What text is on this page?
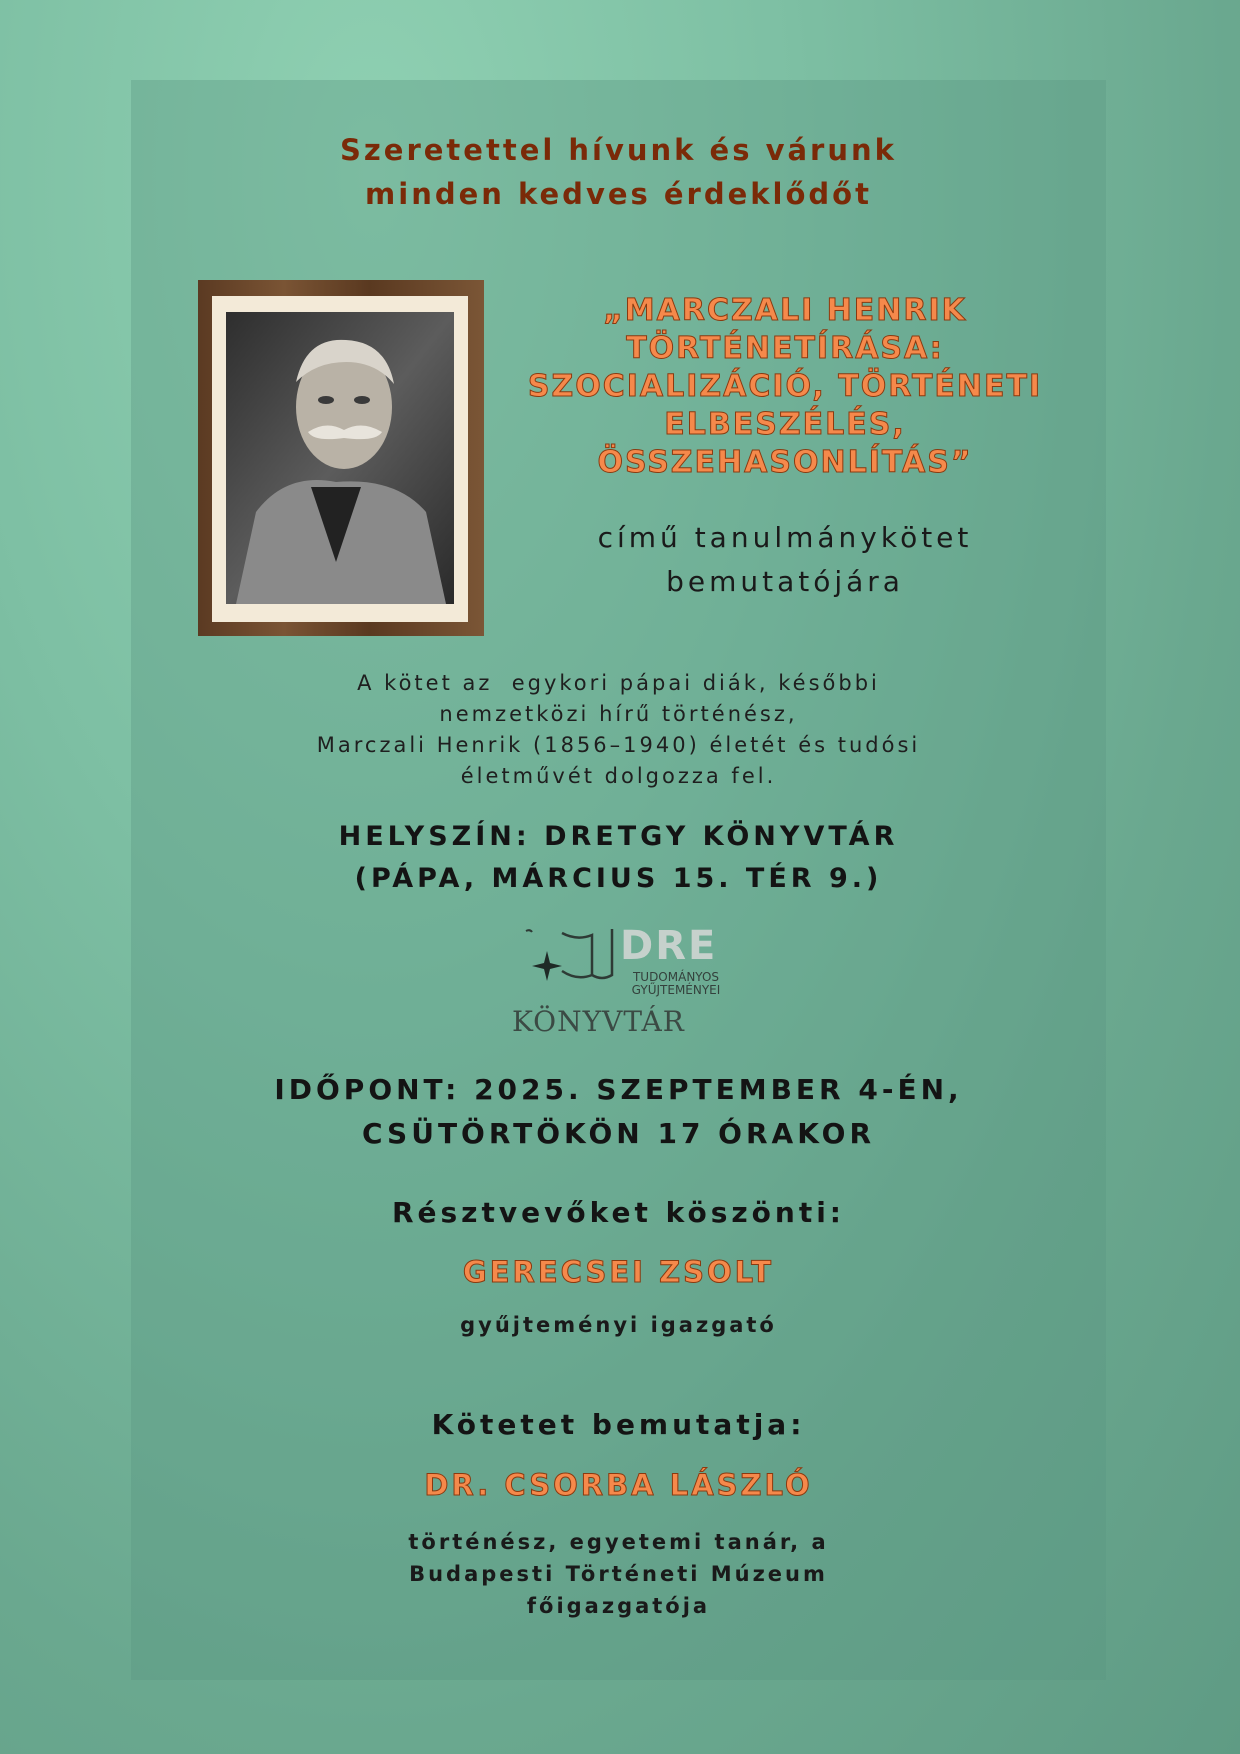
Szeretettel hívunk és várunk
minden kedves érdeklődőt
„MARCZALI HENRIK
TÖRTÉNETÍRÁSA:
SZOCIALIZÁCIÓ, TÖRTÉNETI
ELBESZÉLÉS,
ÖSSZEHASONLÍTÁS”
című tanulmánykötet
bemutatójára
A kötet az  egykori pápai diák, későbbi
nemzetközi hírű történész,
Marczali Henrik (1856–1940) életét és tudósi
életművét dolgozza fel.
HELYSZÍN: DRETGY KÖNYVTÁR
(PÁPA, MÁRCIUS 15. TÉR 9.)
DRE
TUDOMÁNYOS
GYŰJTEMÉNYEI
KÖNYVTÁR
IDŐPONT: 2025. SZEPTEMBER 4-ÉN,
CSÜTÖRTÖKÖN 17 ÓRAKOR
Résztvevőket köszönti:
GERECSEI ZSOLT
gyűjteményi igazgató
Kötetet bemutatja:
DR. CSORBA LÁSZLÓ
történész, egyetemi tanár, a
Budapesti Történeti Múzeum
főigazgatója
